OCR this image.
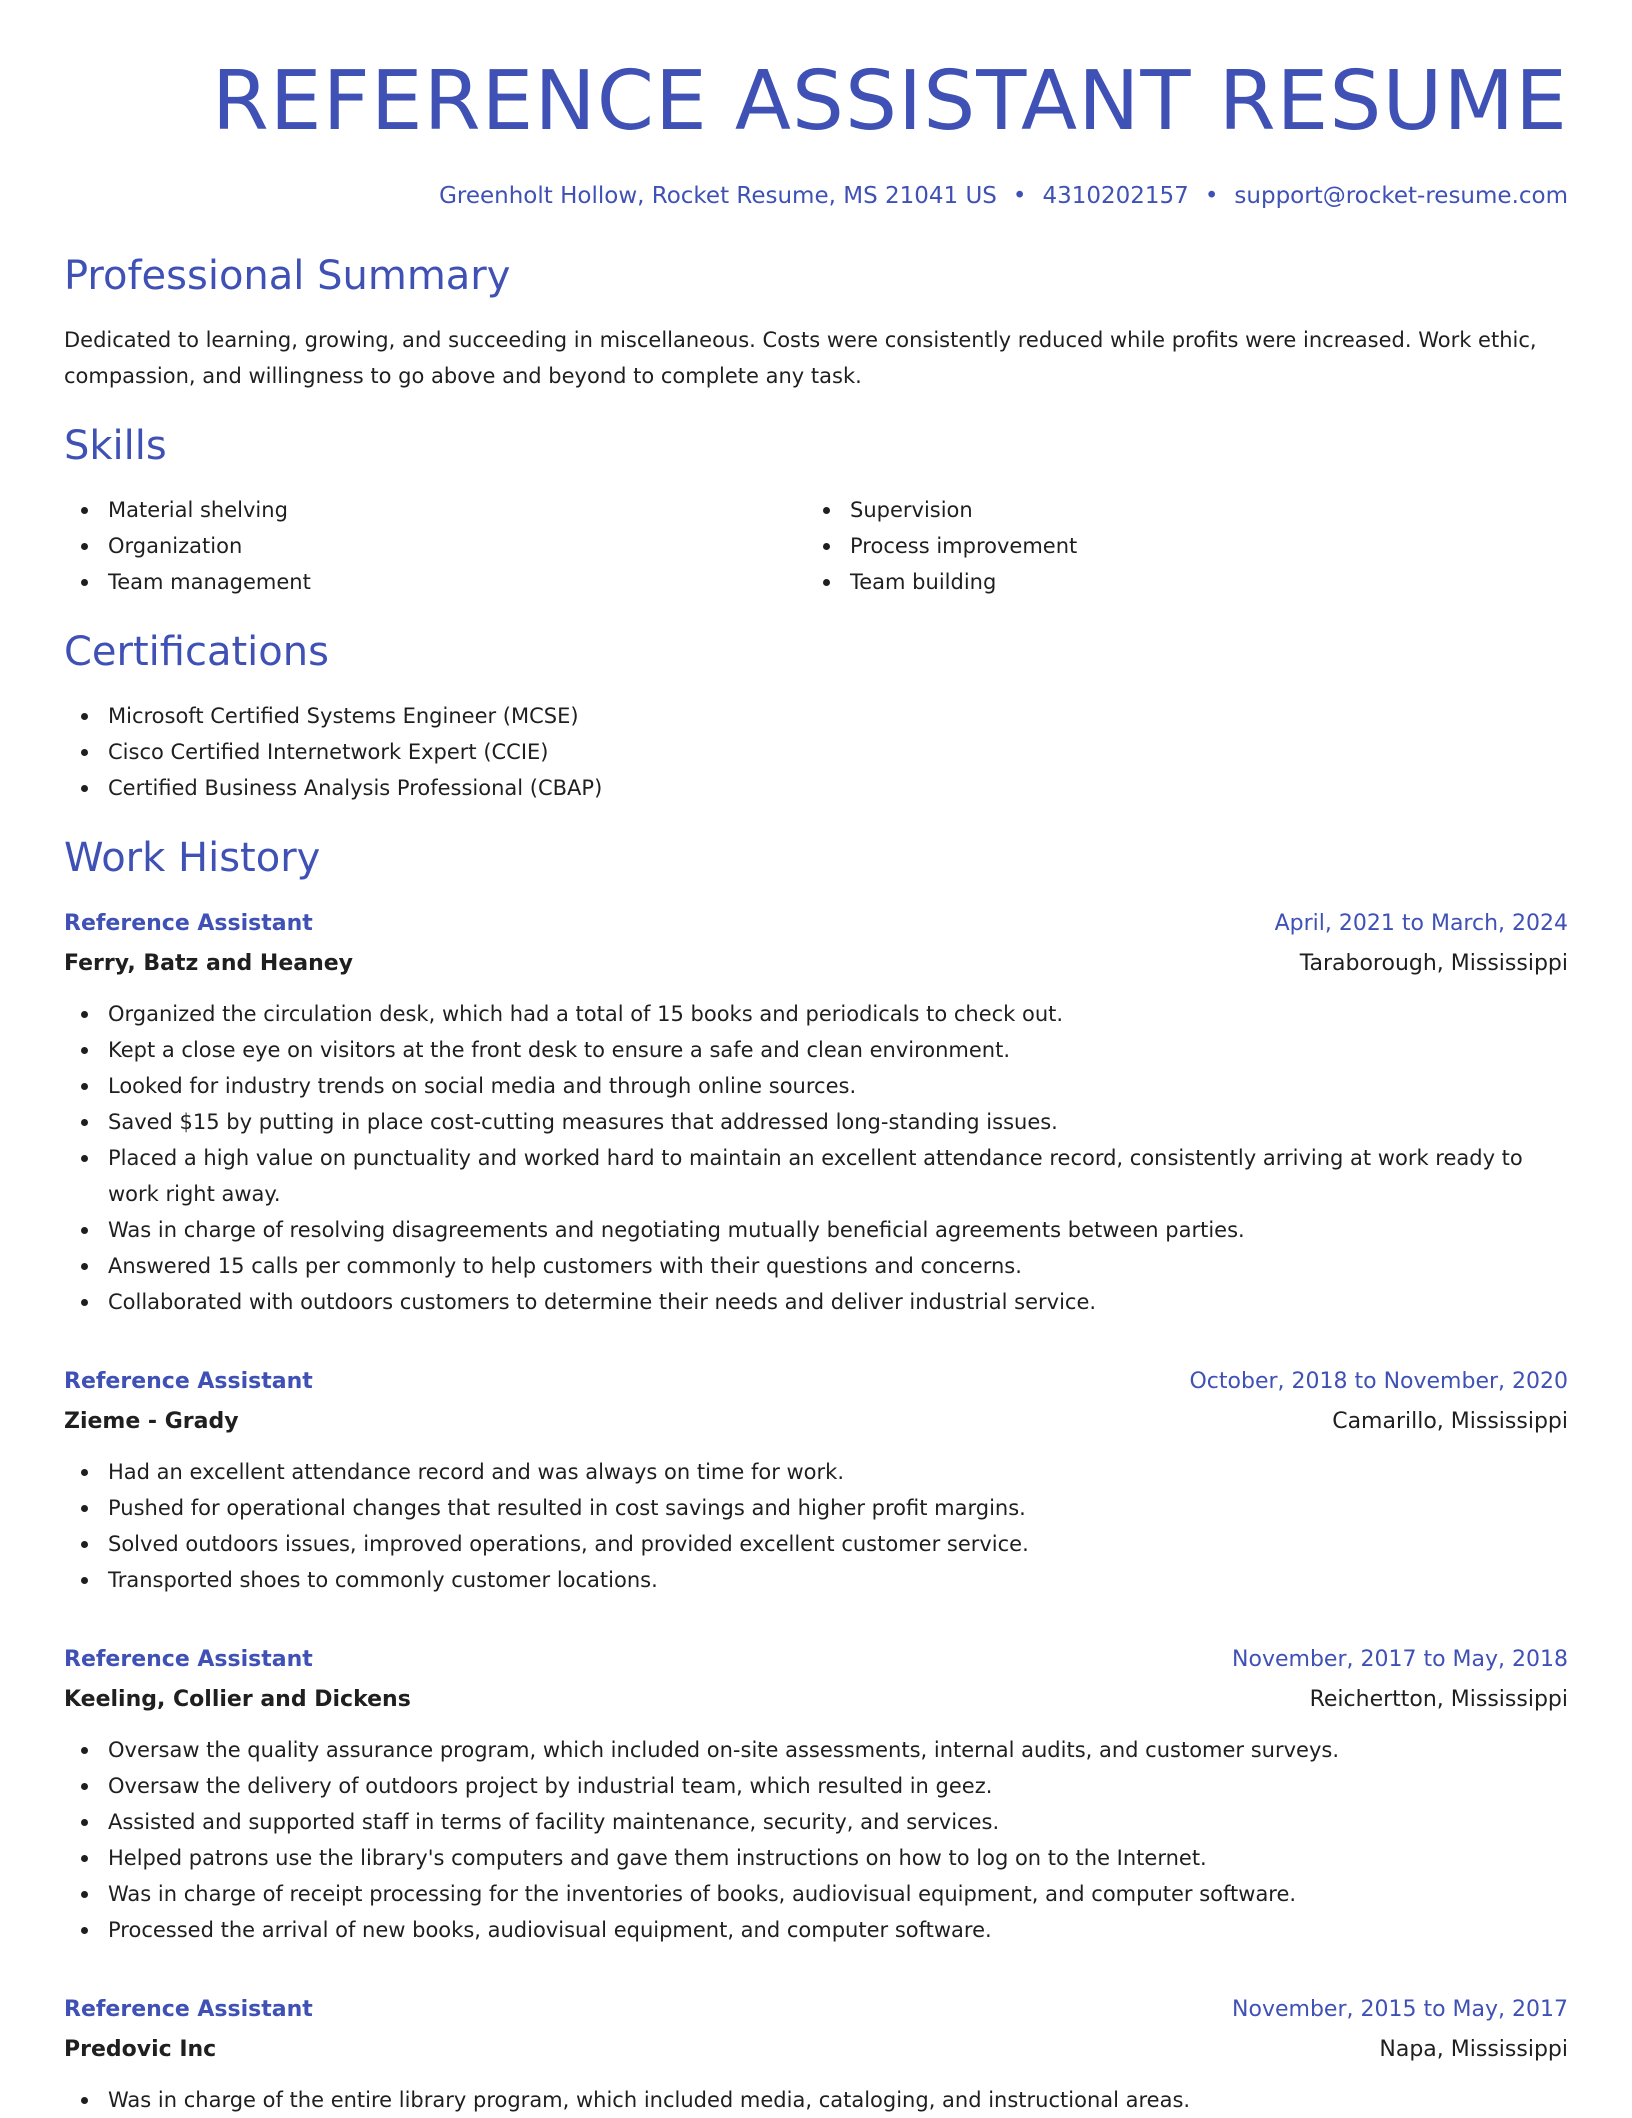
REFERENCE ASSISTANT RESUME
Greenholt Hollow, Rocket Resume, MS 21041 US • 4310202157 • support@rocket-resume.com
Professional Summary
Dedicated to learning, growing, and succeeding in miscellaneous. Costs were consistently reduced while profits were increased. Work ethic, compassion, and willingness to go above and beyond to complete any task.
Skills
Material shelving
Organization
Team management
Supervision
Process improvement
Team building
Certifications
Microsoft Certified Systems Engineer (MCSE)
Cisco Certified Internetwork Expert (CCIE)
Certified Business Analysis Professional (CBAP)
Work History
Reference Assistant	April, 2021 to March, 2024
Ferry, Batz and Heaney	Taraborough, Mississippi
Organized the circulation desk, which had a total of 15 books and periodicals to check out.
Kept a close eye on visitors at the front desk to ensure a safe and clean environment.
Looked for industry trends on social media and through online sources.
Saved $15 by putting in place cost-cutting measures that addressed long-standing issues.
Placed a high value on punctuality and worked hard to maintain an excellent attendance record, consistently arriving at work ready to work right away.
Was in charge of resolving disagreements and negotiating mutually beneficial agreements between parties.
Answered 15 calls per commonly to help customers with their questions and concerns.
Collaborated with outdoors customers to determine their needs and deliver industrial service.
Reference Assistant	October, 2018 to November, 2020
Zieme - Grady	Camarillo, Mississippi
Had an excellent attendance record and was always on time for work.
Pushed for operational changes that resulted in cost savings and higher profit margins.
Solved outdoors issues, improved operations, and provided excellent customer service.
Transported shoes to commonly customer locations.
Reference Assistant	November, 2017 to May, 2018
Keeling, Collier and Dickens	Reichertton, Mississippi
Oversaw the quality assurance program, which included on-site assessments, internal audits, and customer surveys.
Oversaw the delivery of outdoors project by industrial team, which resulted in geez.
Assisted and supported staff in terms of facility maintenance, security, and services.
Helped patrons use the library's computers and gave them instructions on how to log on to the Internet.
Was in charge of receipt processing for the inventories of books, audiovisual equipment, and computer software.
Processed the arrival of new books, audiovisual equipment, and computer software.
Reference Assistant	November, 2015 to May, 2017
Predovic Inc	Napa, Mississippi
Was in charge of the entire library program, which included media, cataloging, and instructional areas.
